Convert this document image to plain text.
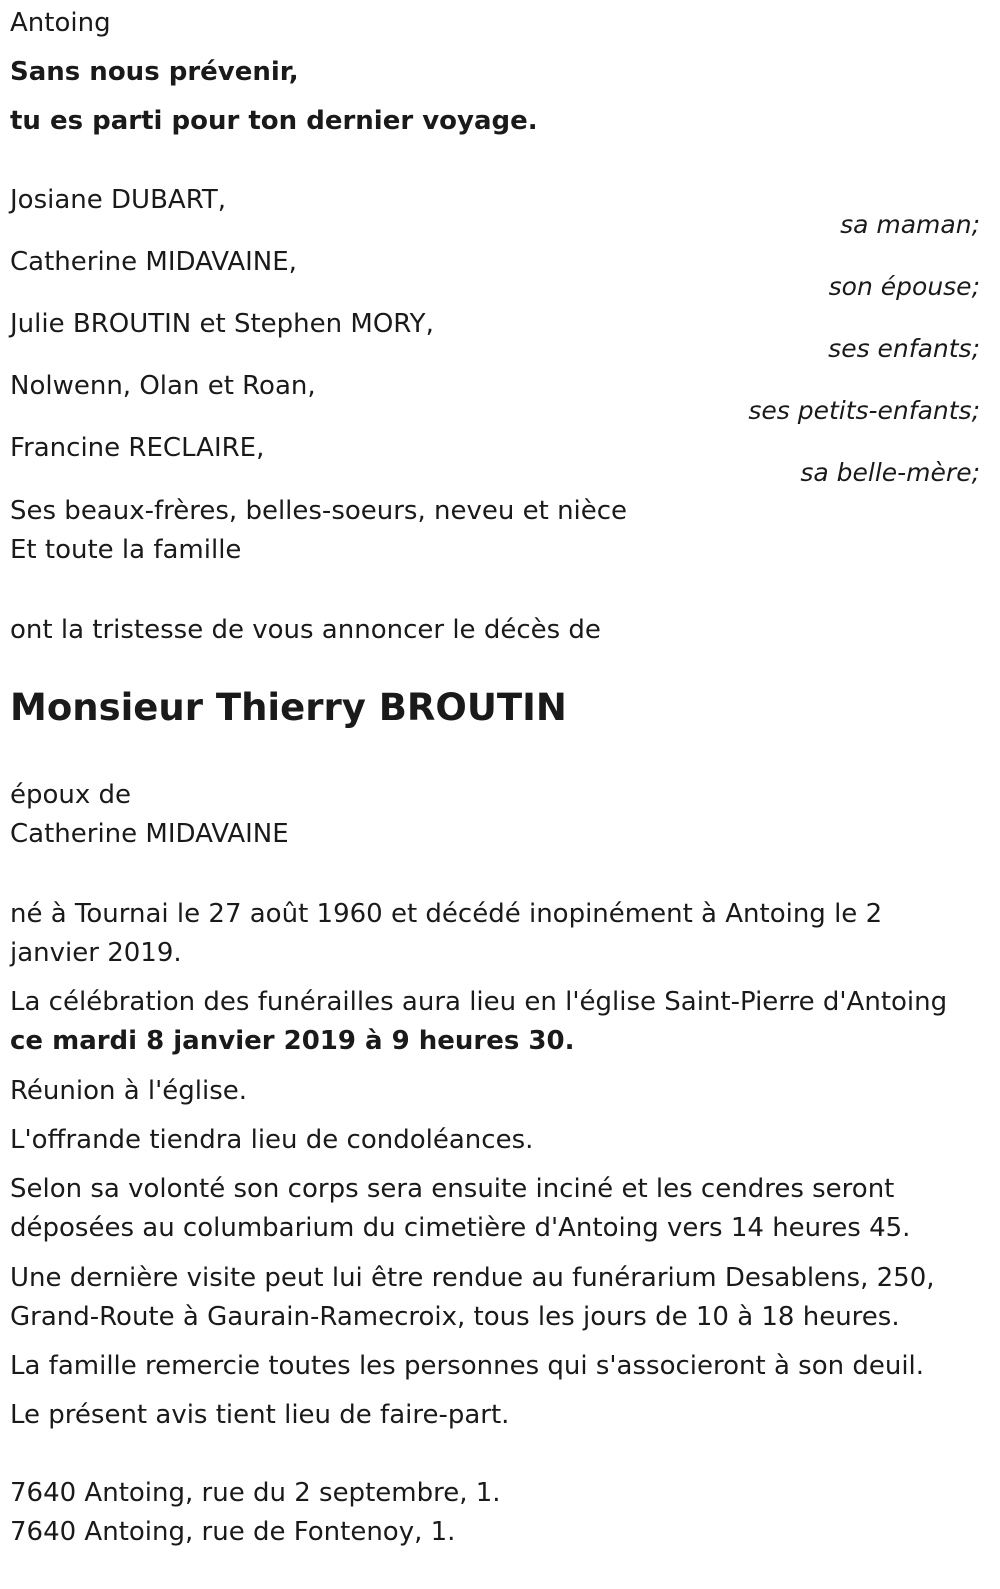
Antoing
Sans nous prévenir,
tu es parti pour ton dernier voyage.
Josiane DUBART,
sa maman;
Catherine MIDAVAINE,
son épouse;
Julie BROUTIN et Stephen MORY,
ses enfants;
Nolwenn, Olan et Roan,
ses petits-enfants;
Francine RECLAIRE,
sa belle-mère;
Ses beaux-frères, belles-soeurs, neveu et nièce
Et toute la famille
ont la tristesse de vous annoncer le décès de
Monsieur Thierry BROUTIN
époux de
Catherine MIDAVAINE
né à Tournai le 27 août 1960 et décédé inopinément à Antoing le 2 janvier 2019.
La célébration des funérailles aura lieu en l'église Saint-Pierre d'Antoing
ce mardi 8 janvier 2019 à 9 heures 30.
Réunion à l'église.
L'offrande tiendra lieu de condoléances.
Selon sa volonté son corps sera ensuite inciné et les cendres seront déposées au columbarium du cimetière d'Antoing vers 14 heures 45.
Une dernière visite peut lui être rendue au funérarium Desablens, 250, Grand-Route à Gaurain-Ramecroix, tous les jours de 10 à 18 heures.
La famille remercie toutes les personnes qui s'associeront à son deuil.
Le présent avis tient lieu de faire-part.
7640 Antoing, rue du 2 septembre, 1.
7640 Antoing, rue de Fontenoy, 1.
